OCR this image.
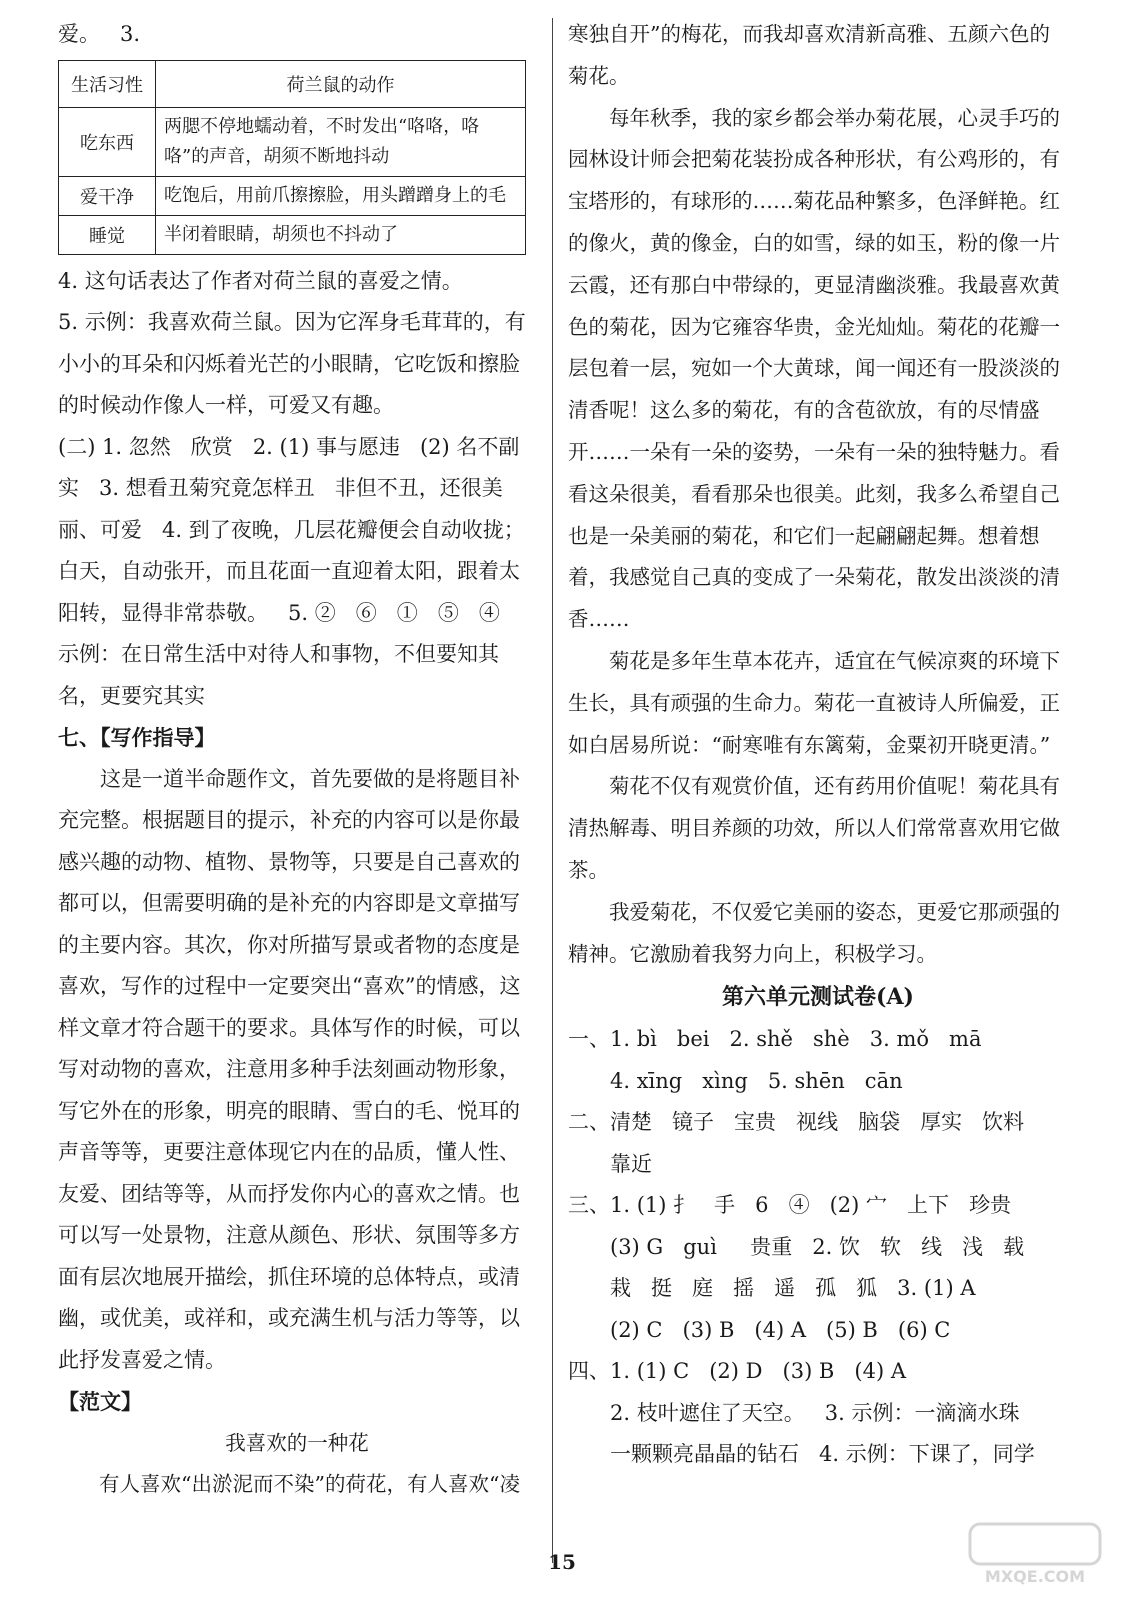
爱。   3.

生活习性	荷兰鼠的动作
吃东西	两腮不停地蠕动着，不时发出“咯咯，咯咯”的声音，胡须不断地抖动
爱干净	吃饱后，用前爪擦擦脸，用头蹭蹭身上的毛
睡觉	半闭着眼睛，胡须也不抖动了

4. 这句话表达了作者对荷兰鼠的喜爱之情。

5. 示例：我喜欢荷兰鼠。因为它浑身毛茸茸的，有小小的耳朵和闪烁着光芒的小眼睛，它吃饭和擦脸的时候动作像人一样，可爱又有趣。

(二) 1. 忽然   欣赏   2. (1) 事与愿违   (2) 名不副实   3. 想看丑菊究竟怎样丑   非但不丑，还很美丽、可爱   4. 到了夜晚，几层花瓣便会自动收拢；白天，自动张开，而且花面一直迎着太阳，跟着太阳转，显得非常恭敬。   5. ②   ⑥   ①   ⑤   ④   示例：在日常生活中对待人和事物，不但要知其名，更要究其实

七、【写作指导】

这是一道半命题作文，首先要做的是将题目补充完整。根据题目的提示，补充的内容可以是你最感兴趣的动物、植物、景物等，只要是自己喜欢的都可以，但需要明确的是补充的内容即是文章描写的主要内容。其次，你对所描写景或者物的态度是喜欢，写作的过程中一定要突出“喜欢”的情感，这样文章才符合题干的要求。具体写作的时候，可以写对动物的喜欢，注意用多种手法刻画动物形象，写它外在的形象，明亮的眼睛、雪白的毛、悦耳的声音等等，更要注意体现它内在的品质，懂人性、友爱、团结等等，从而抒发你内心的喜欢之情。也可以写一处景物，注意从颜色、形状、氛围等多方面有层次地展开描绘，抓住环境的总体特点，或清幽，或优美，或祥和，或充满生机与活力等等，以此抒发喜爱之情。

【范文】

我喜欢的一种花

有人喜欢“出淤泥而不染”的荷花，有人喜欢“凌

寒独自开”的梅花，而我却喜欢清新高雅、五颜六色的菊花。

每年秋季，我的家乡都会举办菊花展，心灵手巧的园林设计师会把菊花装扮成各种形状，有公鸡形的，有宝塔形的，有球形的……菊花品种繁多，色泽鲜艳。红的像火，黄的像金，白的如雪，绿的如玉，粉的像一片云霞，还有那白中带绿的，更显清幽淡雅。我最喜欢黄色的菊花，因为它雍容华贵，金光灿灿。菊花的花瓣一层包着一层，宛如一个大黄球，闻一闻还有一股淡淡的清香呢！这么多的菊花，有的含苞欲放，有的尽情盛开……一朵有一朵的姿势，一朵有一朵的独特魅力。看看这朵很美，看看那朵也很美。此刻，我多么希望自己也是一朵美丽的菊花，和它们一起翩翩起舞。想着想着，我感觉自己真的变成了一朵菊花，散发出淡淡的清香……

菊花是多年生草本花卉，适宜在气候凉爽的环境下生长，具有顽强的生命力。菊花一直被诗人所偏爱，正如白居易所说：“耐寒唯有东篱菊，金粟初开晓更清。”

菊花不仅有观赏价值，还有药用价值呢！菊花具有清热解毒、明目养颜的功效，所以人们常常喜欢用它做茶。

我爱菊花，不仅爱它美丽的姿态，更爱它那顽强的精神。它激励着我努力向上，积极学习。

第六单元测试卷(A)

一、1. bì   bei   2. shě   shè   3. mǒ   mā

4. xīng   xìng   5. shēn   cān

二、清楚   镜子   宝贵   视线   脑袋   厚实   饮料

靠近

三、1. (1) 扌   手   6   ④   (2) 宀   上下   珍贵

(3) G   guì     贵重   2. 饮   软   线   浅   载

栽   挺   庭   摇   遥   孤   狐   3. (1) A

(2) C   (3) B   (4) A   (5) B   (6) C

四、1. (1) C   (2) D   (3) B   (4) A

2. 枝叶遮住了天空。   3. 示例：一滴滴水珠

一颗颗亮晶晶的钻石   4. 示例：下课了，同学

15
MXQE.COM
